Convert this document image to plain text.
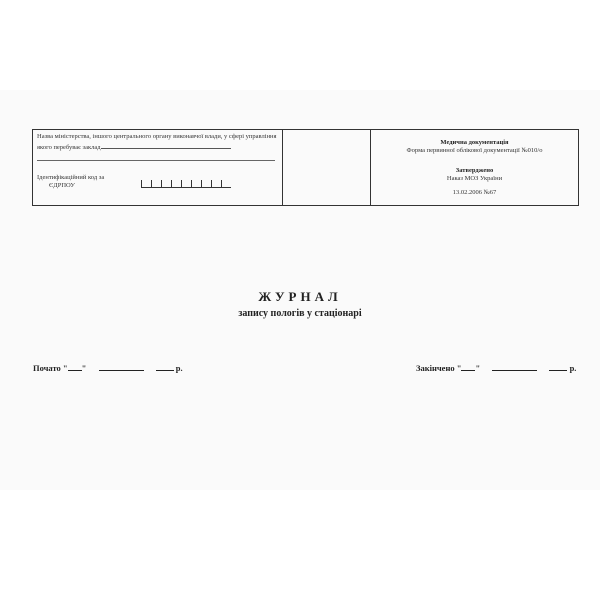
Назва міністерства, іншого центрального органу виконавчої влади, у сфері управління якого перебуває заклад
Ідентифікаційний код за
ЄДРПОУ
Медична документація
Форма первинної облікової документації №010/о
Затверджено
Наказ МОЗ України
13.02.2006 №67
ЖУРНАЛ
запису пологів у стаціонарі
Почато " "	р.	Закінчено " "	р.
